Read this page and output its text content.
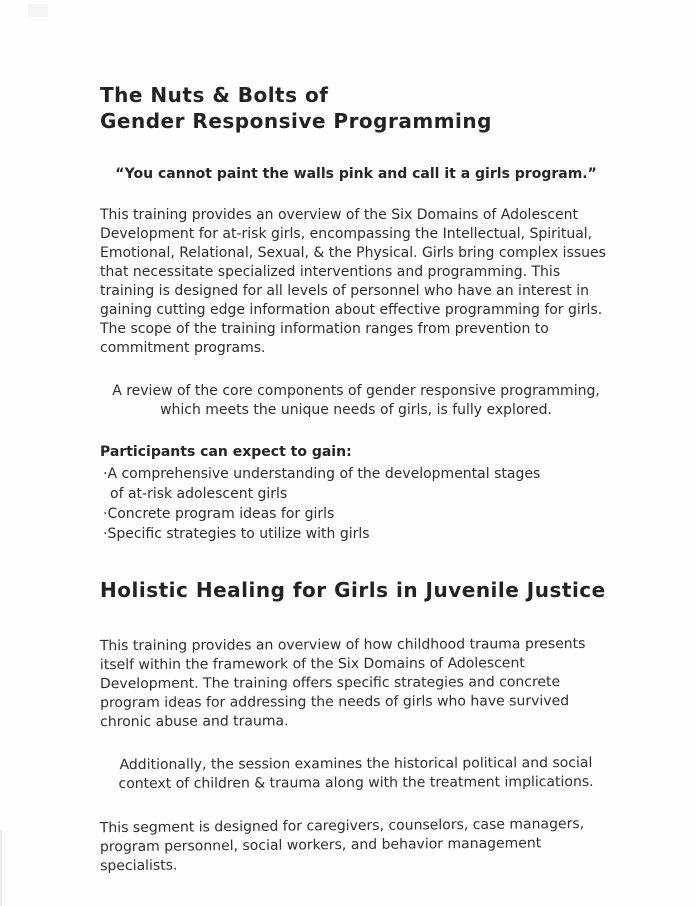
The Nuts & Bolts of
Gender Responsive Programming
“You cannot paint the walls pink and call it a girls program.”
This training provides an overview of the Six Domains of Adolescent Development for at-risk girls, encompassing the Intellectual, Spiritual, Emotional, Relational, Sexual, & the Physical. Girls bring complex issues that necessitate specialized interventions and programming. This training is designed for all levels of personnel who have an interest in gaining cutting edge information about effective programming for girls. The scope of the training information ranges from prevention to commitment programs.
A review of the core components of gender responsive programming, which meets the unique needs of girls, is fully explored.
Participants can expect to gain:
·A comprehensive understanding of the developmental stages of at-risk adolescent girls
·Concrete program ideas for girls
·Specific strategies to utilize with girls
Holistic Healing for Girls in Juvenile Justice
This training provides an overview of how childhood trauma presents itself within the framework of the Six Domains of Adolescent Development. The training offers specific strategies and concrete program ideas for addressing the needs of girls who have survived chronic abuse and trauma.
Additionally, the session examines the historical political and social context of children & trauma along with the treatment implications.
This segment is designed for caregivers, counselors, case managers, program personnel, social workers, and behavior management specialists.
